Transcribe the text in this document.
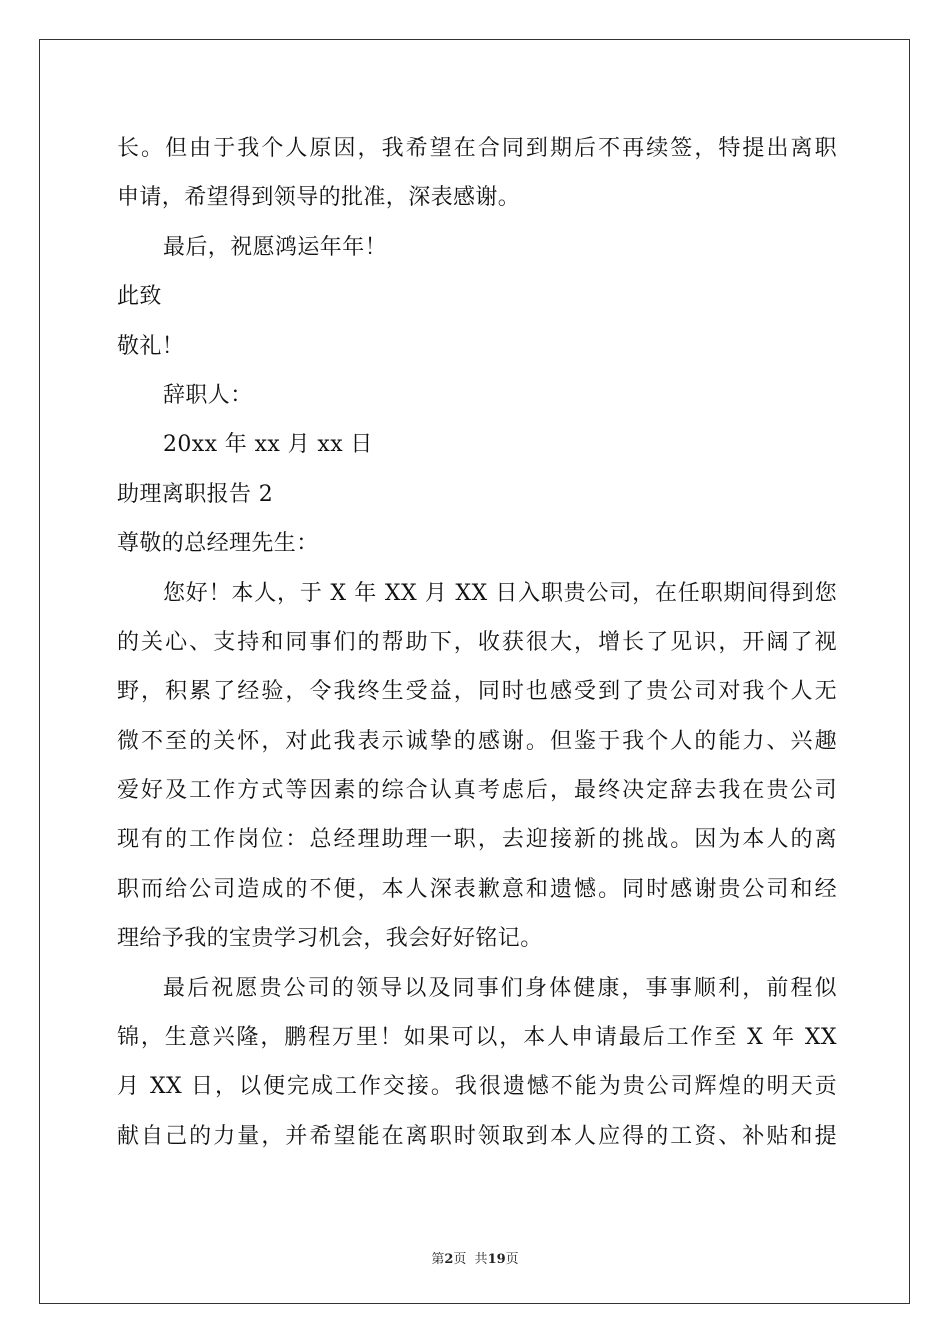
长。但由于我个人原因，我希望在合同到期后不再续签，特提出离职
申请，希望得到领导的批准，深表感谢。
最后，祝愿鸿运年年！
此致
敬礼！
辞职人：
20xx 年 xx 月 xx 日
助理离职报告 2
尊敬的总经理先生：
您好！本人，于 X 年 XX 月 XX 日入职贵公司，在任职期间得到您
的关心、支持和同事们的帮助下，收获很大，增长了见识，开阔了视
野，积累了经验，令我终生受益，同时也感受到了贵公司对我个人无
微不至的关怀，对此我表示诚挚的感谢。但鉴于我个人的能力、兴趣
爱好及工作方式等因素的综合认真考虑后，最终决定辞去我在贵公司
现有的工作岗位：总经理助理一职，去迎接新的挑战。因为本人的离
职而给公司造成的不便，本人深表歉意和遗憾。同时感谢贵公司和经
理给予我的宝贵学习机会，我会好好铭记。
最后祝愿贵公司的领导以及同事们身体健康，事事顺利，前程似
锦，生意兴隆，鹏程万里！如果可以，本人申请最后工作至 X 年 XX
月 XX 日，以便完成工作交接。我很遗憾不能为贵公司辉煌的明天贡
献自己的力量，并希望能在离职时领取到本人应得的工资、补贴和提
第2页 共19页
